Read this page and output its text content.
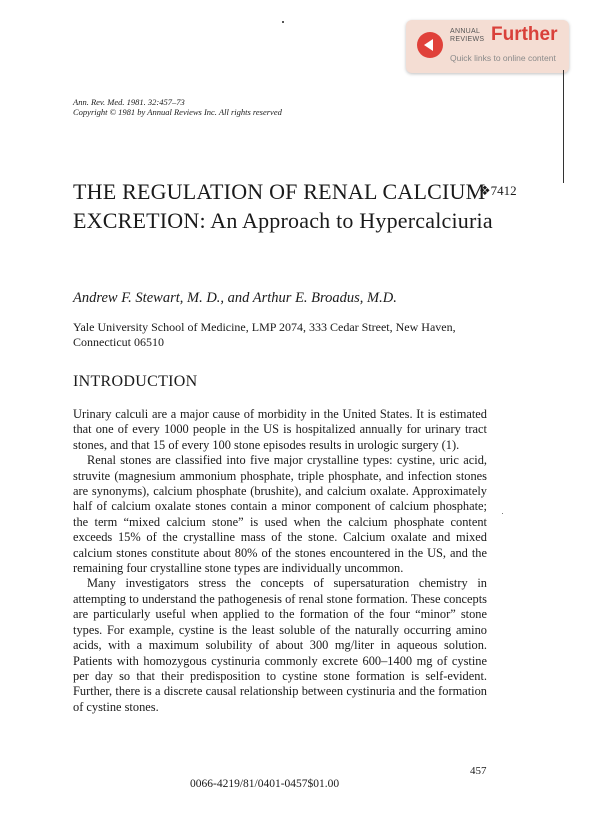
ANNUAL
REVIEWS Further
Quick links to online content
Ann. Rev. Med. 1981. 32:457–73
Copyright © 1981 by Annual Reviews Inc. All rights reserved
THE REGULATION OF RENAL CALCIUM EXCRETION: An Approach to Hypercalciuria
❖7412
Andrew F. Stewart, M. D., and Arthur E. Broadus, M.D.
Yale University School of Medicine, LMP 2074, 333 Cedar Street, New Haven, Connecticut 06510
INTRODUCTION

Urinary calculi are a major cause of morbidity in the United States. It is estimated that one of every 1000 people in the US is hospitalized annually for urinary tract stones, and that 15 of every 100 stone episodes results in urologic surgery (1).

Renal stones are classified into five major crystalline types: cystine, uric acid, struvite (magnesium ammonium phosphate, triple phosphate, and infection stones are synonyms), calcium phosphate (brushite), and calcium oxalate. Approximately half of calcium oxalate stones contain a minor component of calcium phosphate; the term “mixed calcium stone” is used when the calcium phosphate content exceeds 15% of the crystalline mass of the stone. Calcium oxalate and mixed calcium stones constitute about 80% of the stones encountered in the US, and the remaining four crystalline stone types are individually uncommon.

Many investigators stress the concepts of supersaturation chemistry in attempting to understand the pathogenesis of renal stone formation. These concepts are particularly useful when applied to the formation of the four “minor” stone types. For example, cystine is the least soluble of the naturally occurring amino acids, with a maximum solubility of about 300 mg/liter in aqueous solution. Patients with homozygous cystinuria commonly excrete 600–1400 mg of cystine per day so that their predisposition to cystine stone formation is self-evident. Further, there is a discrete causal relationship between cystinuria and the formation of cystine stones.

457
0066-4219/81/0401-0457$01.00
